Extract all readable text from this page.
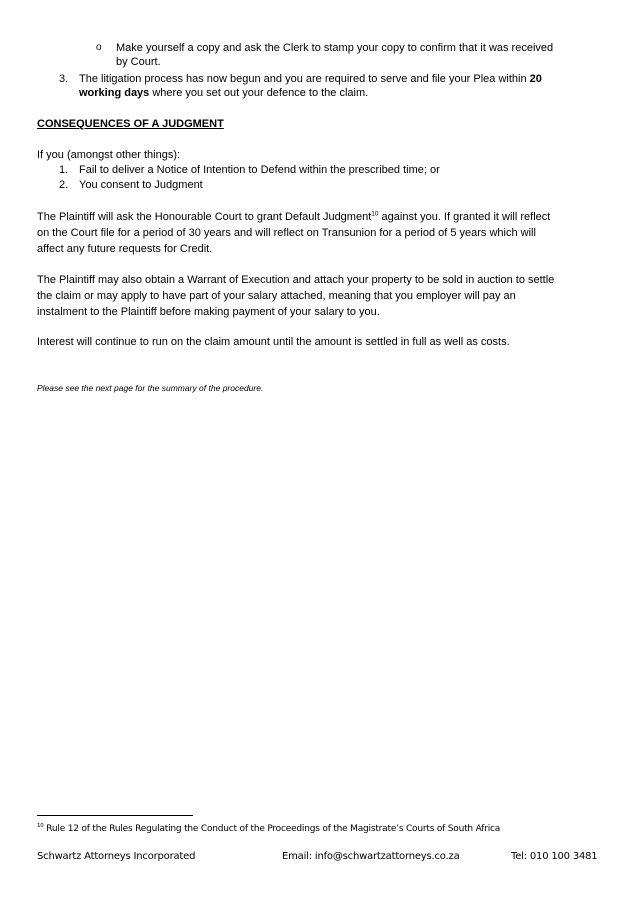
o Make yourself a copy and ask the Clerk to stamp your copy to confirm that it was received
by Court.
3. The litigation process has now begun and you are required to serve and file your Plea within 20
working days where you set out your defence to the claim.
CONSEQUENCES OF A JUDGMENT
If you (amongst other things):
1. Fail to deliver a Notice of Intention to Defend within the prescribed time; or
2. You consent to Judgment
The Plaintiff will ask the Honourable Court to grant Default Judgment$^{10}$ against you. If granted it will reflect
on the Court file for a period of 30 years and will reflect on Transunion for a period of 5 years which will
affect any future requests for Credit.
The Plaintiff may also obtain a Warrant of Execution and attach your property to be sold in auction to settle
the claim or may apply to have part of your salary attached, meaning that you employer will pay an
instalment to the Plaintiff before making payment of your salary to you.
Interest will continue to run on the claim amount until the amount is settled in full as well as costs.
Please see the next page for the summary of the procedure.
$^{10}$ Rule 12 of the Rules Regulating the Conduct of the Proceedings of the Magistrate’s Courts of South Africa
Schwartz Attorneys Incorporated	Email: info@schwartzattorneys.co.za	Tel: 010 100 3481
